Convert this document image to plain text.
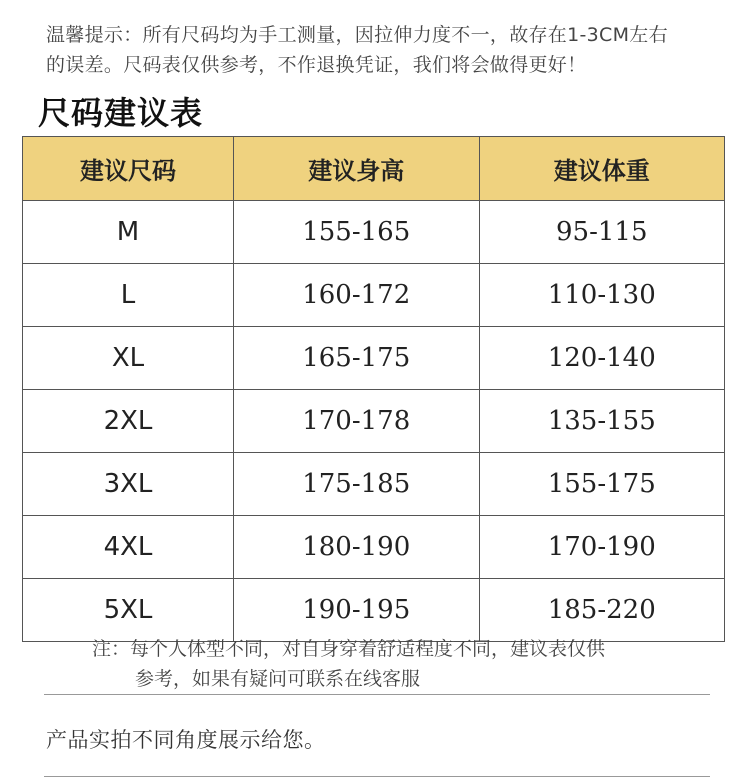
温馨提示：所有尺码均为手工测量，因拉伸力度不一，故存在1-3CM左右
的误差。尺码表仅供参考，不作退换凭证，我们将会做得更好！
尺码建议表
建议尺码	建议身高	建议体重
M	155-165	95-115
L	160-172	110-130
XL	165-175	120-140
2XL	170-178	135-155
3XL	175-185	155-175
4XL	180-190	170-190
5XL	190-195	185-220
注：每个人体型不同，对自身穿着舒适程度不同，建议表仅供
参考，如果有疑问可联系在线客服
产品实拍不同角度展示给您。
